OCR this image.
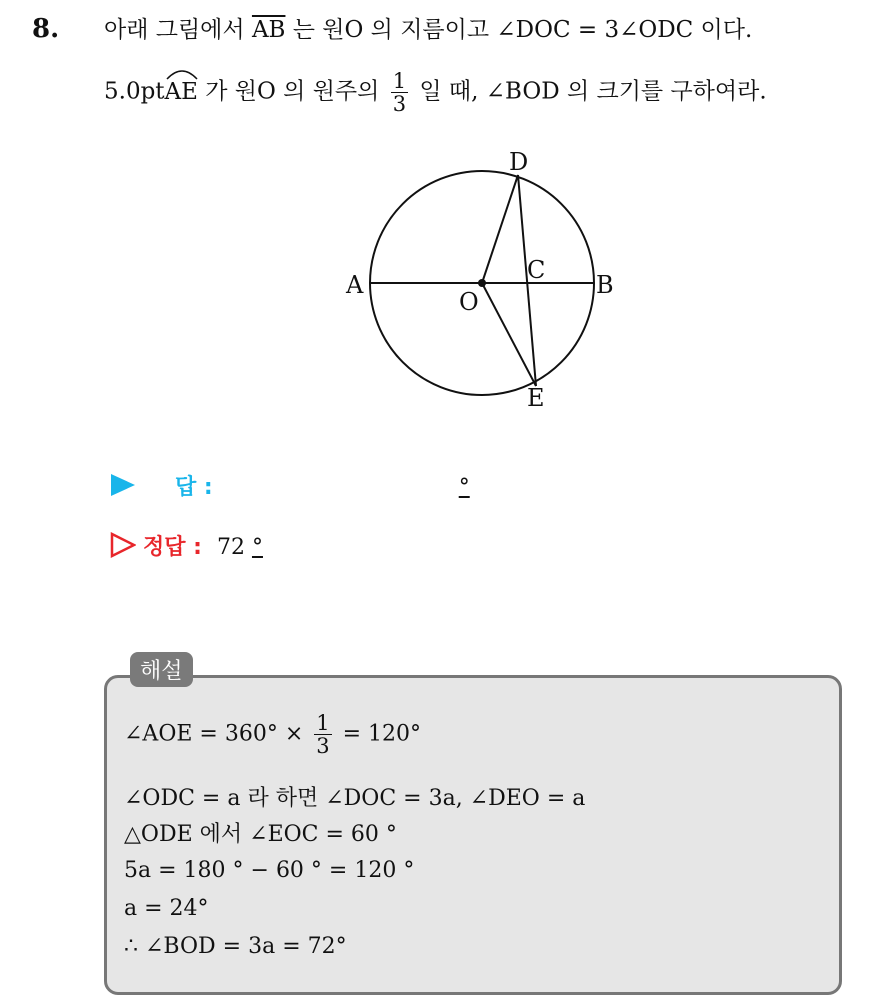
8. 아래 그림에서 $\overline{AB}$ 는 원O 의 지름이고 ∠DOC = 3∠ODC 이다.
5.0pt
AE 가 원O 의 원주의 $\frac{1}{3}$ 일 때, ∠BOD 의 크기를 구하여라.
A	B
C
D
E
O
답 :	°
정답 : 72 °
해설
∠AOE = $360^\circ \times \frac{1}{3} = 120^\circ$
∠ODC = a 라 하면 ∠DOC = 3a, ∠DEO = a
△ODE 에서 ∠EOC = 60 °
5a = 180 ° − 60 ° = 120 °
a = 24°
∴ ∠BOD = 3a = 72°
